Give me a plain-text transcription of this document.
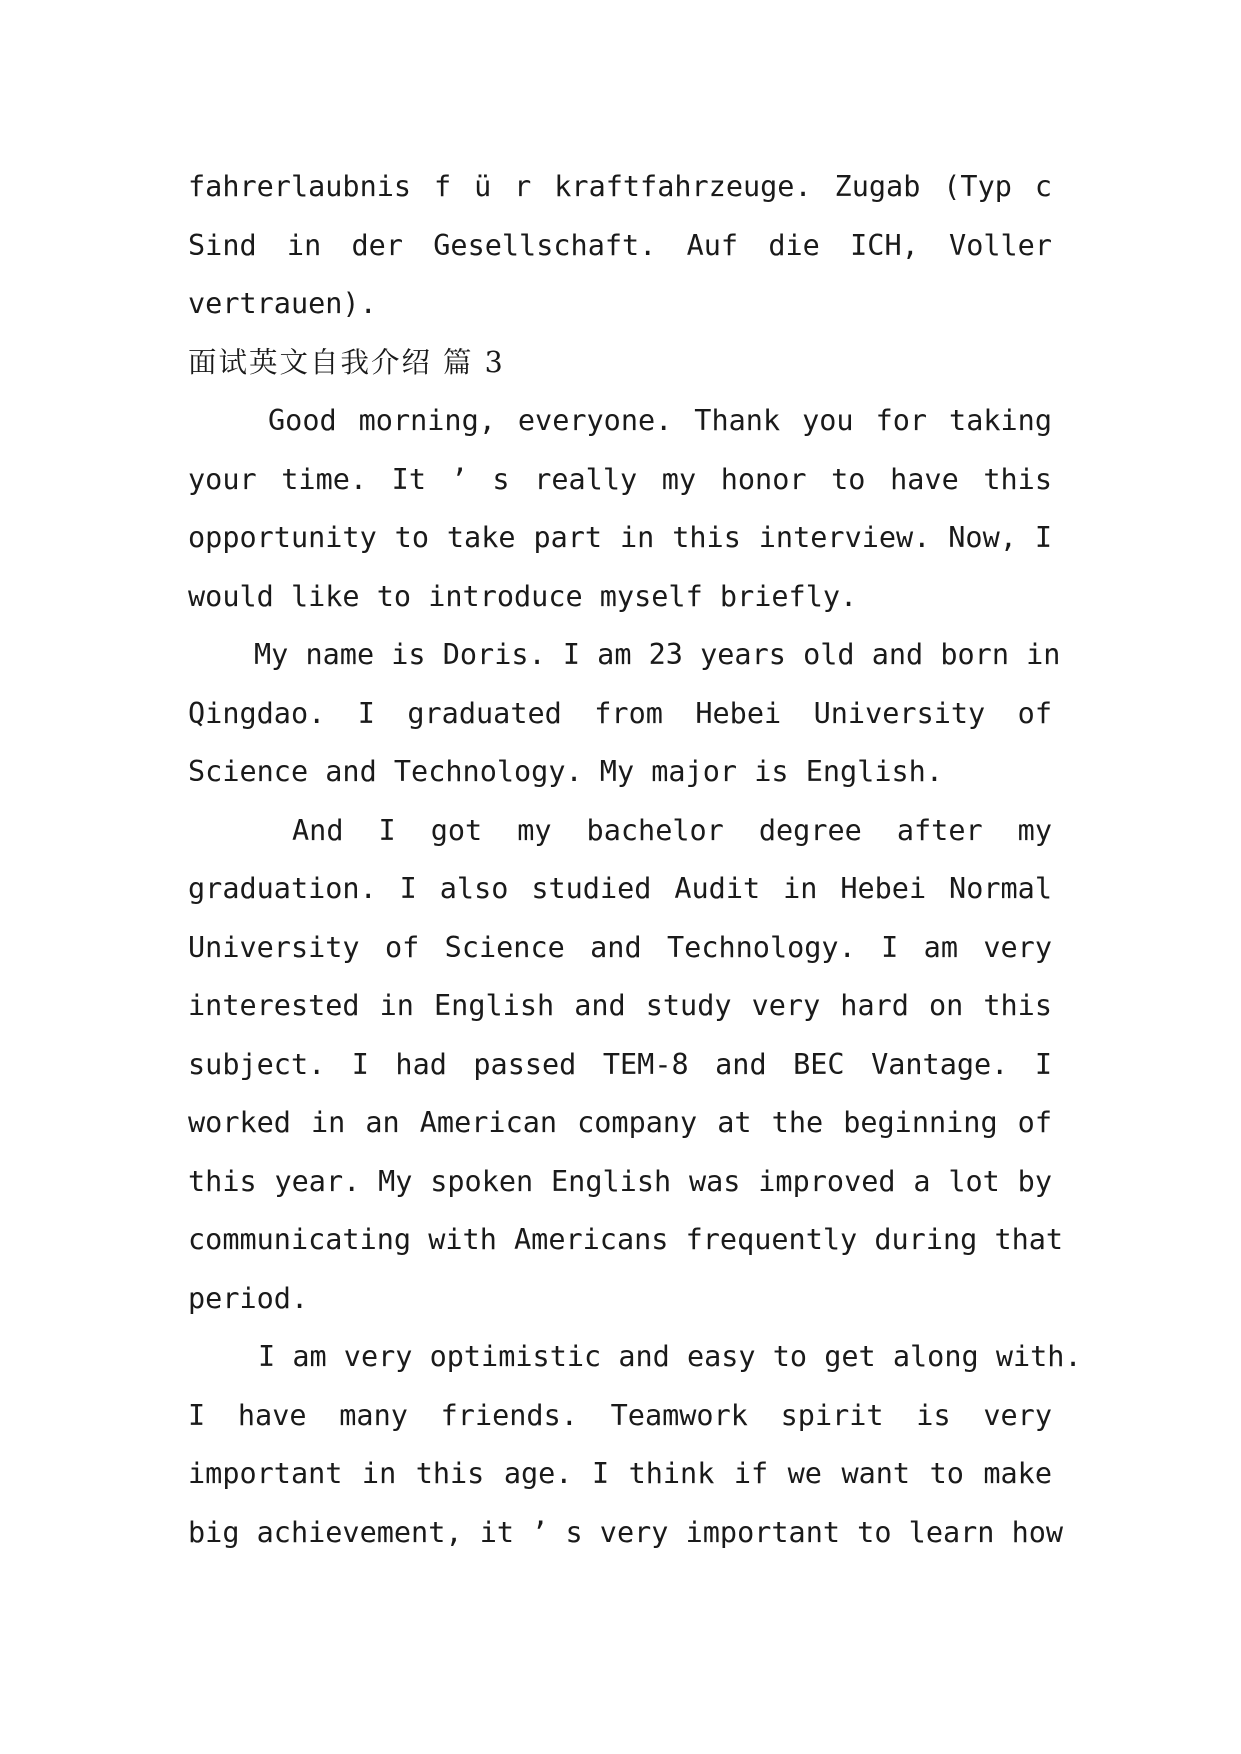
fahrerlaubnis f ü r kraftfahrzeuge. Zugab (Typ c
Sind in der Gesellschaft. Auf die ICH, Voller
vertrauen).
面试英文自我介绍 篇 3
Good morning, everyone. Thank you for taking
your time. It ’ s really my honor to have this
opportunity to take part in this interview. Now, I
would like to introduce myself briefly.
My name is Doris. I am 23 years old and born in
Qingdao. I graduated from Hebei University of
Science and Technology. My major is English.
And I got my bachelor degree after my
graduation. I also studied Audit in Hebei Normal
University of Science and Technology. I am very
interested in English and study very hard on this
subject. I had passed TEM-8 and BEC Vantage. I
worked in an American company at the beginning of
this year. My spoken English was improved a lot by
communicating with Americans frequently during that
period.
I am very optimistic and easy to get along with.
I have many friends. Teamwork spirit is very
important in this age. I think if we want to make
big achievement, it ’ s very important to learn how
